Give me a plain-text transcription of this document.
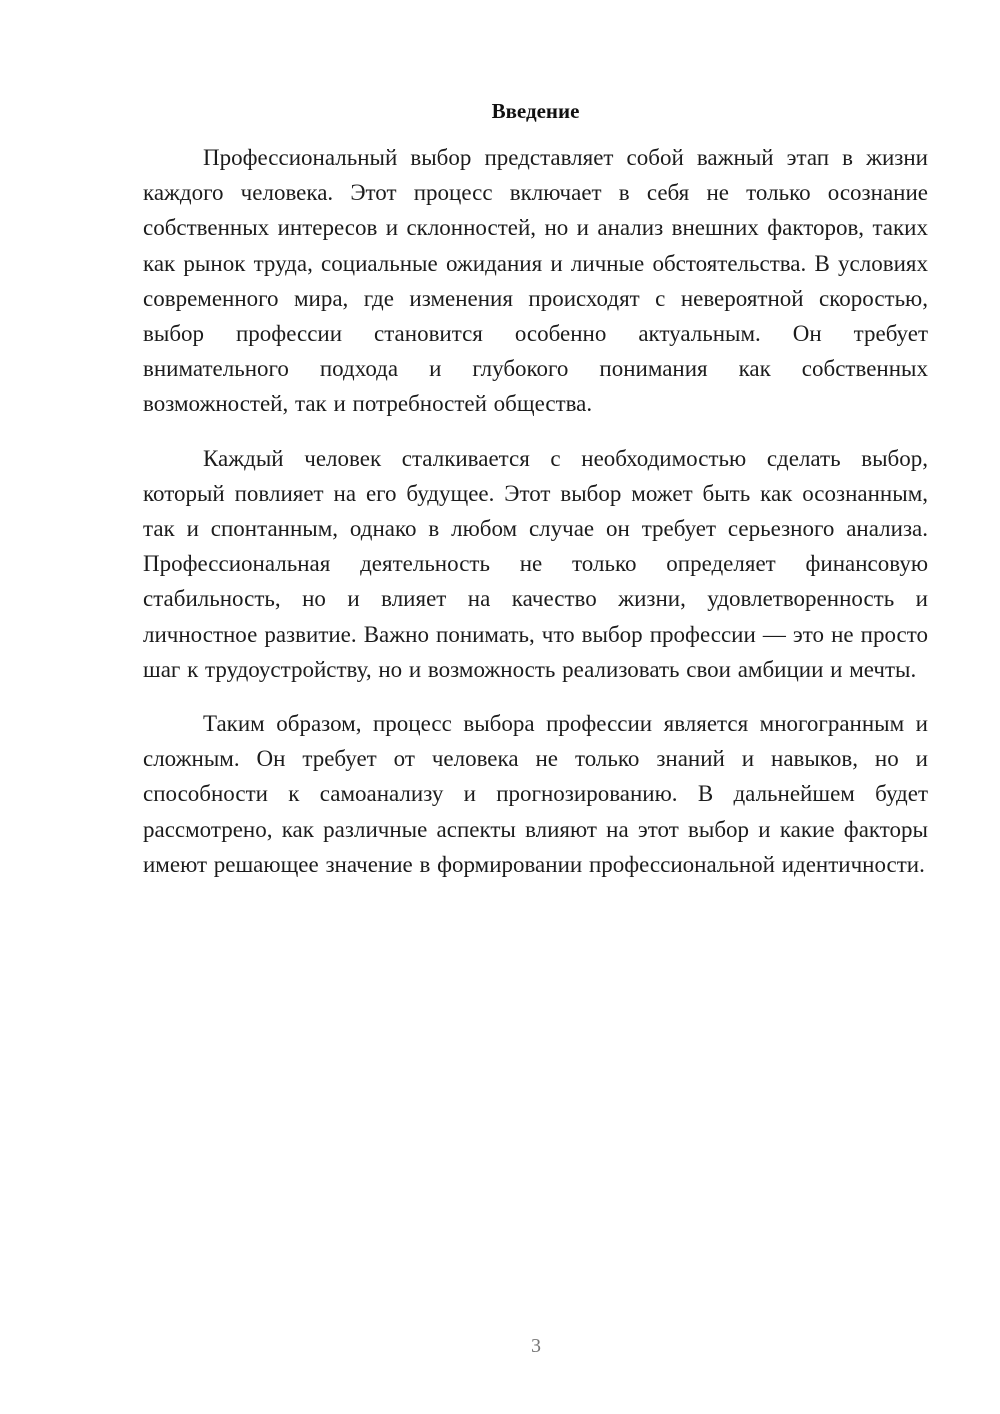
Введение

Профессиональный выбор представляет собой важный этап в жизни каждого человека. Этот процесс включает в себя не только осознание собственных интересов и склонностей, но и анализ внешних факторов, таких как рынок труда, социальные ожидания и личные обстоятельства. В условиях современного мира, где изменения происходят с невероятной скоростью, выбор профессии становится особенно актуальным. Он требует внимательного подхода и глубокого понимания как собственных возможностей, так и потребностей общества.

Каждый человек сталкивается с необходимостью сделать выбор, который повлияет на его будущее. Этот выбор может быть как осознанным, так и спонтанным, однако в любом случае он требует серьезного анализа. Профессиональная деятельность не только определяет финансовую стабильность, но и влияет на качество жизни, удовлетворенность и личностное развитие. Важно понимать, что выбор профессии — это не просто шаг к трудоустройству, но и возможность реализовать свои амбиции и мечты.

Таким образом, процесс выбора профессии является многогранным и сложным. Он требует от человека не только знаний и навыков, но и способности к самоанализу и прогнозированию. В дальнейшем будет рассмотрено, как различные аспекты влияют на этот выбор и какие факторы имеют решающее значение в формировании профессиональной идентичности.

3
